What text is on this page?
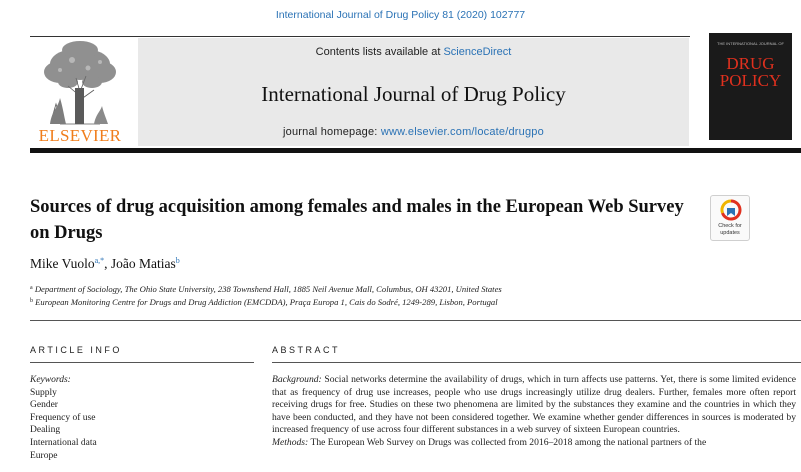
International Journal of Drug Policy 81 (2020) 102777
ELSEVIER
Contents lists available at ScienceDirect
International Journal of Drug Policy
journal homepage: www.elsevier.com/locate/drugpo
THE INTERNATIONAL JOURNAL OF
DRUG
POLICY
Sources of drug acquisition among females and males in the European Web Survey on Drugs	Check for
updates
Mike Vuolo$^{a,*}$, João Matias$^b$
$^a$ Department of Sociology, The Ohio State University, 238 Townshend Hall, 1885 Neil Avenue Mall, Columbus, OH 43201, United States
$^b$ European Monitoring Centre for Drugs and Drug Addiction (EMCDDA), Praça Europa 1, Cais do Sodré, 1249-289, Lisbon, Portugal
ARTICLE INFO	ABSTRACT
Keywords:
Supply
Gender
Frequency of use
Dealing
International data
Europe

Background: Social networks determine the availability of drugs, which in turn affects use patterns. Yet, there is some limited evidence that as frequency of drug use increases, people who use drugs increasingly utilize drug dealers. Further, females more often report receiving drugs for free. Studies on these two phenomena are limited by the substances they examine and the countries in which they have been conducted, and they have not been considered together. We examine whether gender differences in sources is moderated by increased frequency of use across four different substances in a web survey of sixteen European countries.

Methods: The European Web Survey on Drugs was collected from 2016–2018 among the national partners of the
